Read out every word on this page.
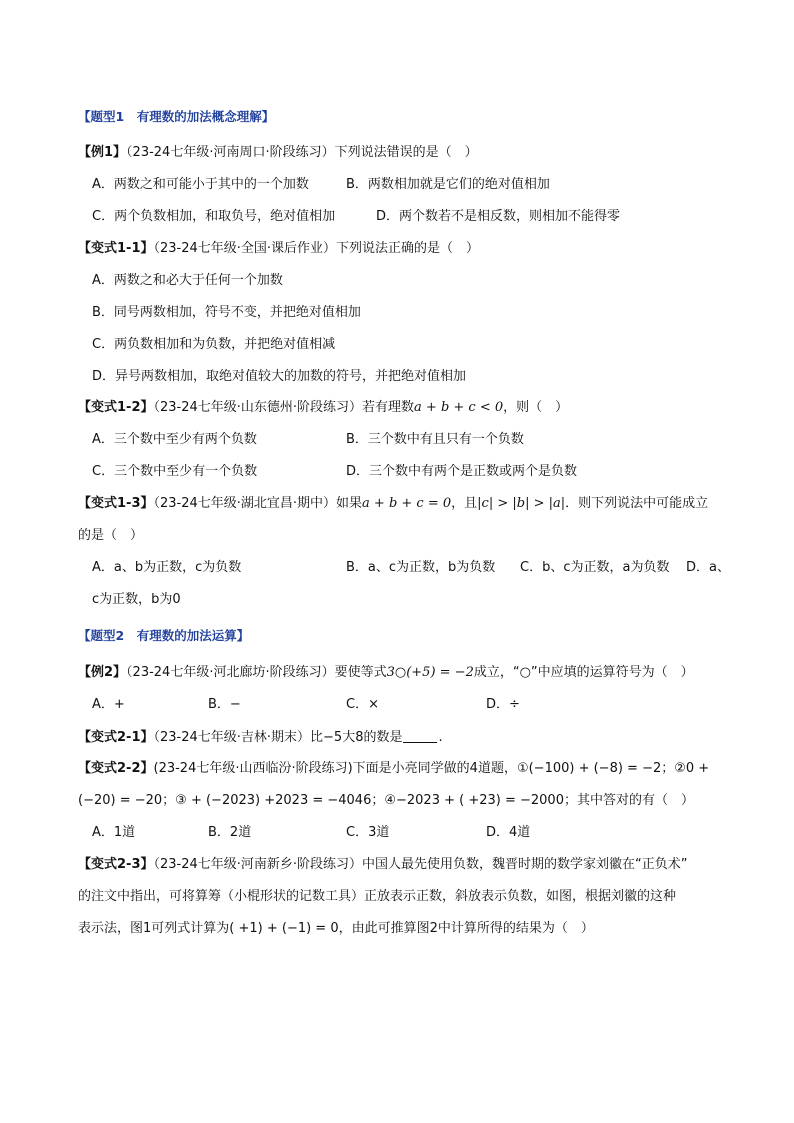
【题型1　有理数的加法概念理解】
【例1】（23-24七年级·河南周口·阶段练习）下列说法错误的是（　）
A．两数之和可能小于其中的一个加数	B．两数相加就是它们的绝对值相加
C．两个负数相加，和取负号，绝对值相加	D．两个数若不是相反数，则相加不能得零
【变式1-1】（23-24七年级·全国·课后作业）下列说法正确的是（　）
A．两数之和必大于任何一个加数
B．同号两数相加，符号不变，并把绝对值相加
C．两负数相加和为负数，并把绝对值相减
D．异号两数相加，取绝对值较大的加数的符号，并把绝对值相加
【变式1-2】（23-24七年级·山东德州·阶段练习）若有理数a + b + c < 0，则（　）
A．三个数中至少有两个负数	B．三个数中有且只有一个负数
C．三个数中至少有一个负数	D．三个数中有两个是正数或两个是负数
【变式1-3】（23-24七年级·湖北宜昌·期中）如果a + b + c = 0，且|c| > |b| > |a|．则下列说法中可能成立
的是（　）
A．a、b为正数，c为负数	B．a、c为正数，b为负数 C．b、c为正数，a为负数 D．a、
c为正数，b为0
【题型2　有理数的加法运算】
【例2】（23-24七年级·河北廊坊·阶段练习）要使等式3○(+5) = −2成立，“○”中应填的运算符号为（　）
A．+	B．−	C．×	D．÷
【变式2-1】（23-24七年级·吉林·期末）比−5大8的数是	.
【变式2-2】(23-24七年级·山西临汾·阶段练习)下面是小亮同学做的4道题，①(−100) + (−8) = −2；②0 +
(−20) = −20；③ + (−2023) +2023 = −4046；④−2023 + ( +23) = −2000；其中答对的有（　）
A．1道	B．2道	C．3道	D．4道
【变式2-3】（23-24七年级·河南新乡·阶段练习）中国人最先使用负数，魏晋时期的数学家刘徽在“正负术”
的注文中指出，可将算筹（小棍形状的记数工具）正放表示正数，斜放表示负数，如图，根据刘徽的这种
表示法，图1可列式计算为( +1) + (−1) = 0，由此可推算图2中计算所得的结果为（　）
